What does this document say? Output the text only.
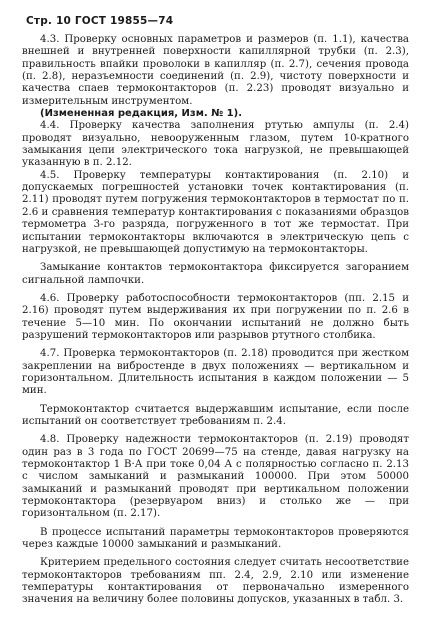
Стр. 10 ГОСТ 19855—74

4.3. Проверку основных параметров и размеров (п. 1.1), качества внешней и внутренней поверхности капиллярной трубки (п. 2.3), правильность впайки проволоки в капилляр (п. 2.7), сечения провода (п. 2.8), неразъемности соединений (п. 2.9), чистоту поверхности и качества спаев термоконтакторов (п. 2.23) проводят визуально и измерительным инструментом.

(Измененная редакция, Изм. № 1).

4.4. Проверку качества заполнения ртутью ампулы (п. 2.4) проводят визуально, невооруженным глазом, путем 10-кратного замыкания цепи электрического тока нагрузкой, не превышающей указанную в п. 2.12.

4.5. Проверку температуры контактирования (п. 2.10) и допускаемых погрешностей установки точек контактирования (п. 2.11) проводят путем погружения термоконтакторов в термостат по п. 2.6 и сравнения температур контактирования с показаниями образцов термометра 3-го разряда, погруженного в тот же термостат. При испытании термоконтакторы включаются в электрическую цепь с нагрузкой, не превышающей допустимую на термоконтакторы.

Замыкание контактов термоконтактора фиксируется загоранием сигнальной лампочки.

4.6. Проверку работоспособности термоконтакторов (пп. 2.15 и 2.16) проводят путем выдерживания их при погружении по п. 2.6 в течение 5—10 мин. По окончании испытаний не должно быть разрушений термоконтакторов или разрывов ртутного столбика.

4.7. Проверка термоконтакторов (п. 2.18) проводится при жестком закреплении на вибростенде в двух положениях — вертикальном и горизонтальном. Длительность испытания в каждом положении — 5 мин.

Термоконтактор считается выдержавшим испытание, если после испытаний он соответствует требованиям п. 2.4.

4.8. Проверку надежности термоконтакторов (п. 2.19) проводят один раз в 3 года по ГОСТ 20699—75 на стенде, давая нагрузку на термоконтактор 1 В·А при токе 0,04 А с полярностью согласно п. 2.13 с числом замыканий и размыканий 100000. При этом 50000 замыканий и размыканий проводят при вертикальном положении термоконтактора (резервуаром вниз) и столько же — при горизонтальном (п. 2.17).

В процессе испытаний параметры термоконтакторов проверяются через каждые 10000 замыканий и размыканий.

Критерием предельного состояния следует считать несоответствие термоконтакторов требованиям пп. 2.4, 2.9, 2.10 или изменение температуры контактирования от первоначально измеренного значения на величину более половины допусков, указанных в табл. 3.
